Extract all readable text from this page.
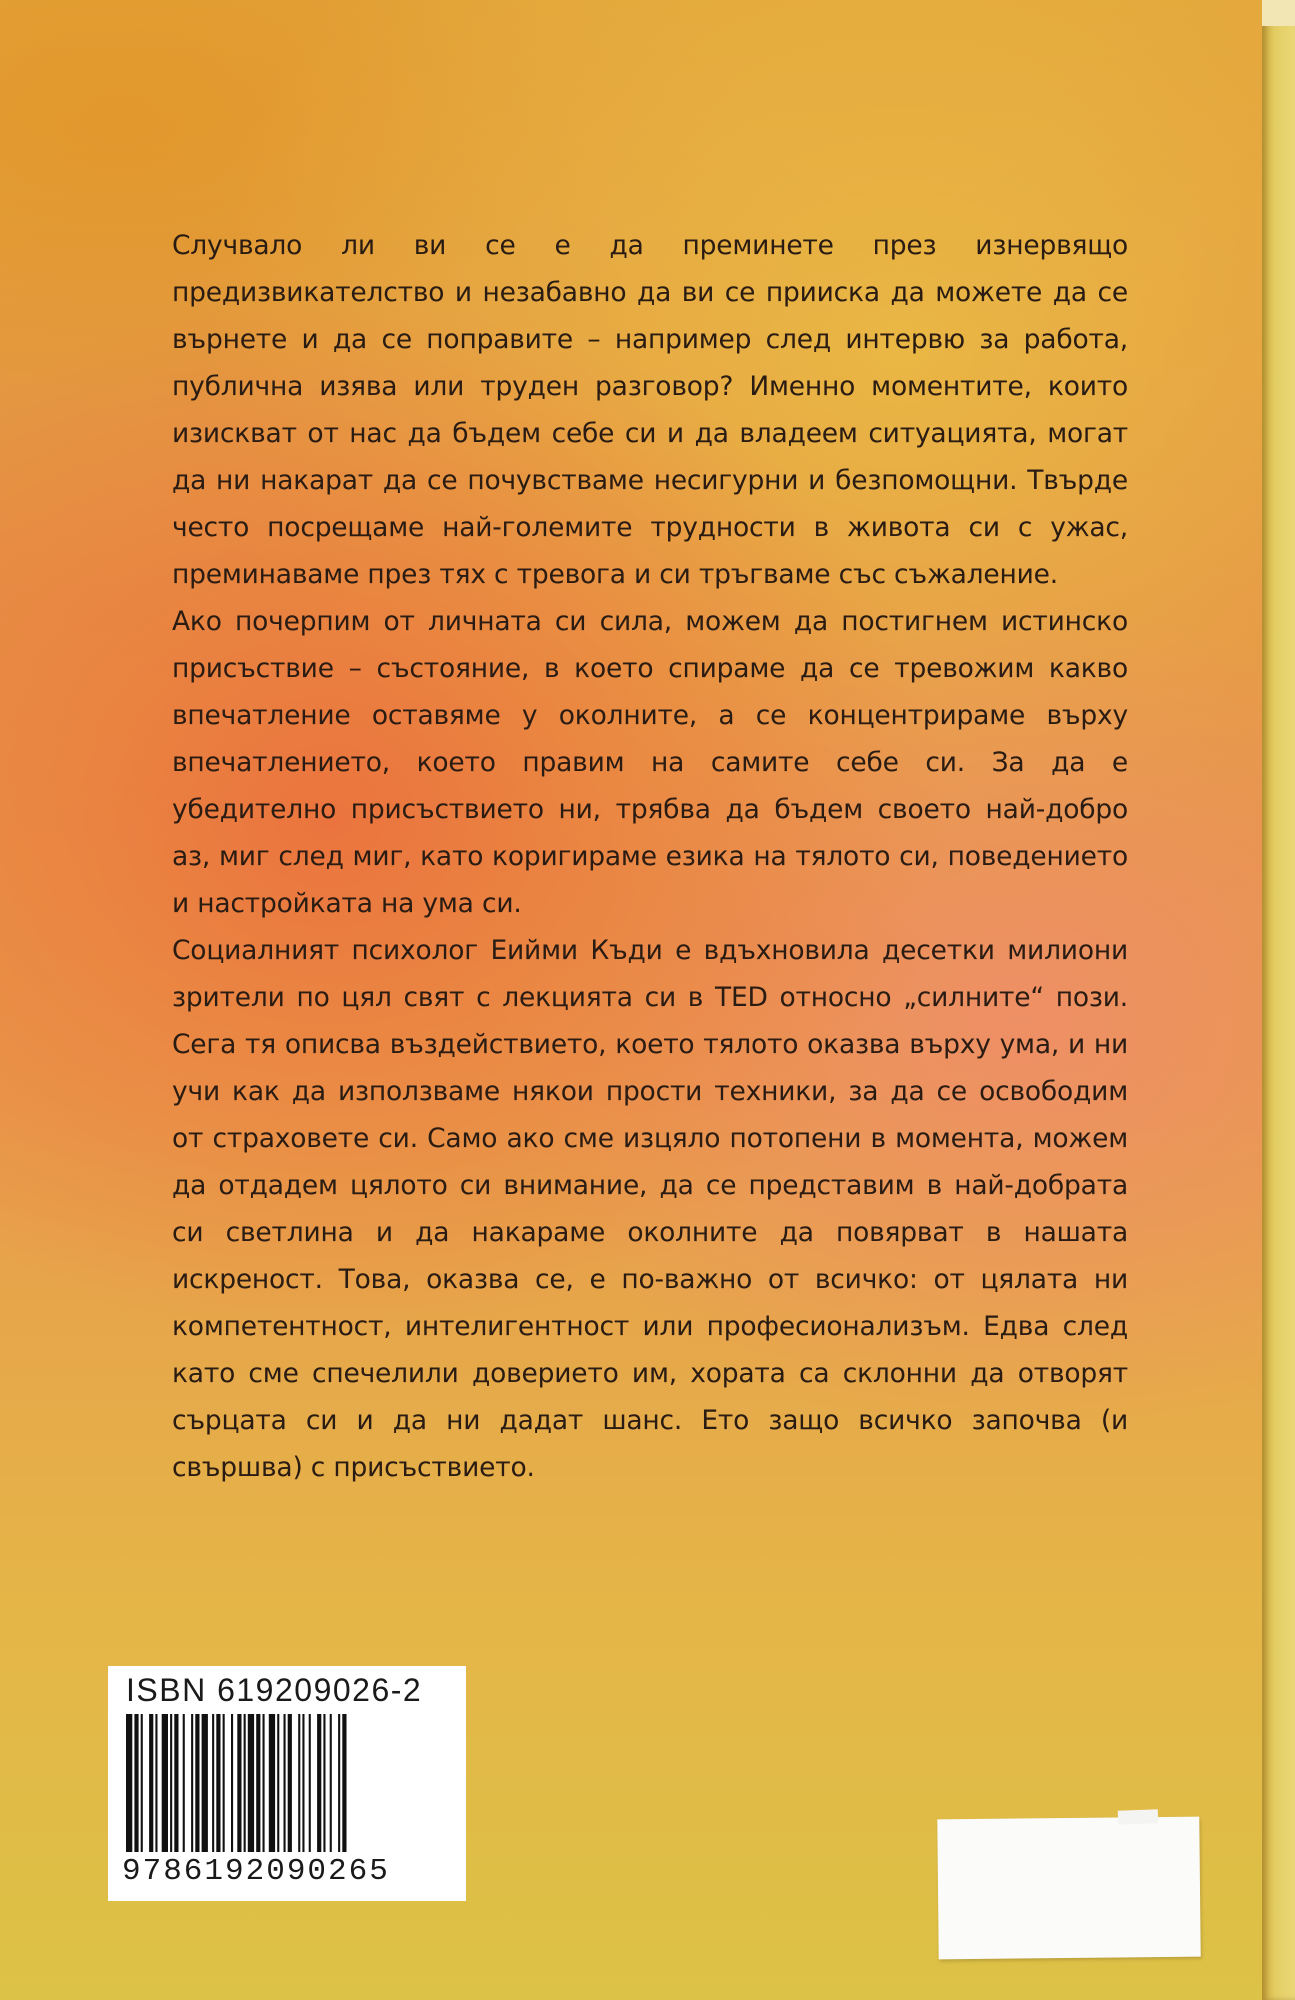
Случвало ли ви се е да преминете през изнервящо предизвикателство и незабавно да ви се приискa да можете да се върнете и да се поправите – например след интервю за работа, публична изява или труден разговор? Именно моментите, които изискват от нас да бъдем себе си и да владеем ситуацията, могат да ни накарат да се почувстваме несигурни и безпомощни. Твърде често посрещаме най-големите трудности в живота си с ужас, преминаваме през тях с тревога и си тръгваме със съжаление.

Ако почерпим от личната си сила, можем да постигнем истинско присъствие – състояние, в което спираме да се тревожим какво впечатление оставяме у околните, а се концентрираме върху впечатлението, което правим на самите себе си. За да е убедително присъствието ни, трябва да бъдем своето най-добро аз, миг след миг, като коригираме езика на тялото си, поведението и настройката на ума си.

Социалният психолог Еийми Къди е вдъхновила десетки милиони зрители по цял свят с лекцията си в TED относно „силните“ пози. Сега тя описва въздействието, което тялото оказва върху ума, и ни учи как да използваме някои прости техники, за да се освободим от страховете си. Само ако сме изцяло потопени в момента, можем да отдадем цялото си внимание, да се представим в най-добрата си светлина и да накараме околните да повярват в нашата искреност. Това, оказва се, е по-важно от всичко: от цялата ни компетентност, интелигентност или професионализъм. Едва след като сме спечелили доверието им, хората са склонни да отворят сърцата си и да ни дадат шанс. Ето защо всичко започва (и свършва) с присъствието.

ISBN 619209026-2
9786192090265
